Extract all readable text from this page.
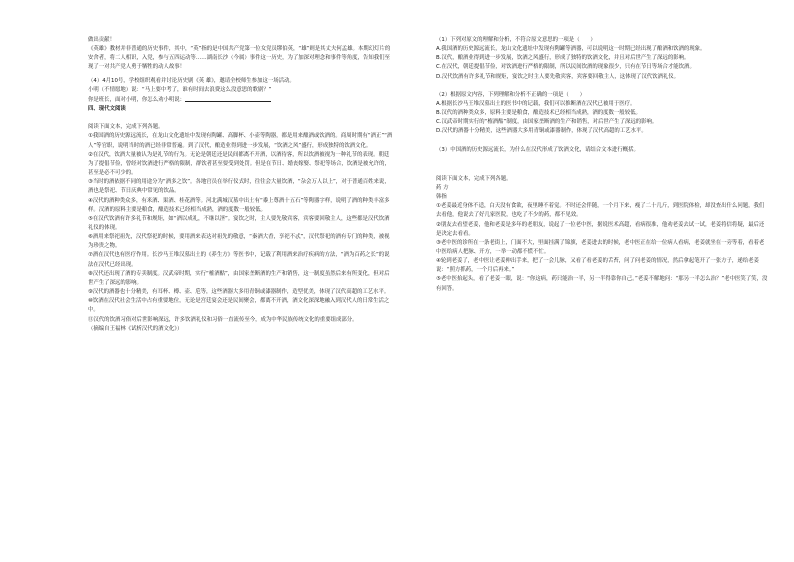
做出贡献！

《英雄》教材并非普通的历史事件，其中，“英”指的是中国共产党第一位女党员缪伯英，“雄”则是其丈夫何孟雄。本期幻灯片的安舍者，将二人相识，入党，参与五四运动等……湖南长沙（今属）事件这一历史，为了加深对理念和事件等角度，告知我们至现了一对共产党人勇于牺牲的动人故事！

（4）4月10号，学校组织观看并讨论历史剧《英 雄》，邀请全校师生参加这一场活动。

小明（不情愿地）说：“马上要中考了，谁有时间去浪费这么没意思的歌剧？”

你是班长，面对小明，你怎么劝小明说：

四、现代文阅读

阅读下面文本，完成下列各题。

①我国酒的历史源远流长，在龙山文化遗址中发现有陶罐、高脚杯、小壶等陶器，都是用来酿酒或饮酒的。商周时期有“酒正”“酒人”等官职，说明当时的酒已经非常普遍。到了汉代，酿造业得到进一步发展，“饮酒之风”盛行，形成独特的饮酒文化。

②在汉代，饮酒大量被认为是礼节的行为。无论是朝廷还是民间都离不开酒，以酒待客，所以饮酒被视为一种礼节的表现。朝廷为了提倡节俭，曾经对饮酒进行严格的限制，群饮者甚至要受到处罚。但是在节日、婚丧嫁娶、祭祀等场合，饮酒是被允许的，甚至是必不可少的。

③当时的酒依据不同的用途分为“酒多之饮”。各地官员在举行仪式时，往往会大量饮酒，“杂会万人以上”，对于普通百姓来说，酒也是祭祀、节日庆典中常见的饮品。

④汉代的酒种类众多，有米酒、果酒、桂花酒等。河北满城汉墓中出土有“黍上尊酒十五石”等陶器字样，说明了酒的种类丰富多样。汉酒的原料主要是粮食，酿造技术已经相当成熟，酒的度数一般较低。

⑤在汉代饮酒有许多礼节和规矩，如“酒以成礼，不继以淫”。宴饮之时，主人要先敬宾客，宾客要回敬主人，这些都是汉代饮酒礼仪的体现。

⑥酒用来祭祀祖先，汉代祭祀的时候，要用酒来表达对祖先的敬意，“秦酒大香，享祀不忒”，汉代祭祀的酒有专门的种类，被视为珍贵之物。

⑦酒在汉代也有医疗作用。长沙马王堆汉墓出土的《养生方》等医书中，记载了利用酒来治疗疾病的方法，“酒为百药之长”的说法在汉代已经出现。

⑧汉代还出现了酒的专卖制度。汉武帝时期，实行“榷酒酤”，由国家垄断酒的生产和销售，这一制度虽然后来有所变化，但对后世产生了深远的影响。

⑨汉代的酒器也十分精美，有耳杯、樽、壶、卮等，这些酒器大多用青铜或漆器制作，造型优美，体现了汉代高超的工艺水平。

⑩饮酒在汉代社会生活中占有重要地位，无论是宫廷宴会还是民间聚会，都离不开酒，酒文化深深地融入到汉代人的日常生活之中。

⑪汉代的饮酒习俗对后世影响深远，许多饮酒礼仪和习俗一直流传至今，成为中华民族传统文化的重要组成部分。

（摘编自王福林《试析汉代的酒文化》）

（1）下列对原文的理解和分析，不符合原文意思的一项是（　　）

A.我国酒的历史源远流长，龙山文化遗址中发现有陶罐等酒器，可以说明这一时期已经出现了酿酒和饮酒的现象。

B.汉代，酿酒业得到进一步发展，饮酒之风盛行，形成了独特的饮酒文化，并且对后世产生了深远的影响。

C.在汉代，朝廷提倡节俭，对饮酒进行严格的限制，所以民间饮酒的现象很少，只有在节日等场合才能饮酒。

D.汉代饮酒有许多礼节和规矩，宴饮之时主人要先敬宾客，宾客要回敬主人，这体现了汉代饮酒礼仪。

（2）根据原文内容，下列理解和分析不正确的一项是（　　）

A.根据长沙马王堆汉墓出土的医书中的记载，我们可以推断酒在汉代已被用于医疗。

B.汉代的酒种类众多，原料主要是粮食，酿造技术已经相当成熟，酒的度数一般较低。

C.汉武帝时期实行的“榷酒酤”制度，由国家垄断酒的生产和销售，对后世产生了深远的影响。

D.汉代的酒器十分精美，这些酒器大多用青铜或漆器制作，体现了汉代高超的工艺水平。

（3）中国酒的历史源远流长，为什么在汉代形成了饮酒文化，请结合文本进行概括。

阅读下面文本，完成下列各题。

药 方

韩指

①老姜最近身体不适，白天没有食欲，夜里睡不着觉。不时还会伴随，一个月下来，瘦了二十几斤，到医院体检，却没查出什么问题，我们去看他，他说去了好几家医院，也吃了不少的药，都不见效。

②朋友去看望老姜，他和老姜是多年的老朋友，说起了一位老中医，据说医术高超，看病很准，他劝老姜去试一试，老姜将信将疑，最后还是决定去看看。

③老中医的诊所在一条老街上，门面不大，里面挂满了锦旗，老姜进去的时候，老中医正在给一位病人看病，老姜就坐在一旁等着，看着老中医给病人把脉、开方，一举一动都不慌不忙。

④轮到老姜了，老中医让老姜伸出手来，把了一会儿脉，又看了看老姜的舌苔，问了问老姜的情况，然后拿起笔开了一张方子，递给老姜说：“照方抓药，一个月后再来。”

⑤老中医抬起头，看了老姜一眼，说：“你这病，药只能治一半，另一半得靠你自己。”老姜不解地问：“那另一半怎么治？”老中医笑了笑，没有回答。
